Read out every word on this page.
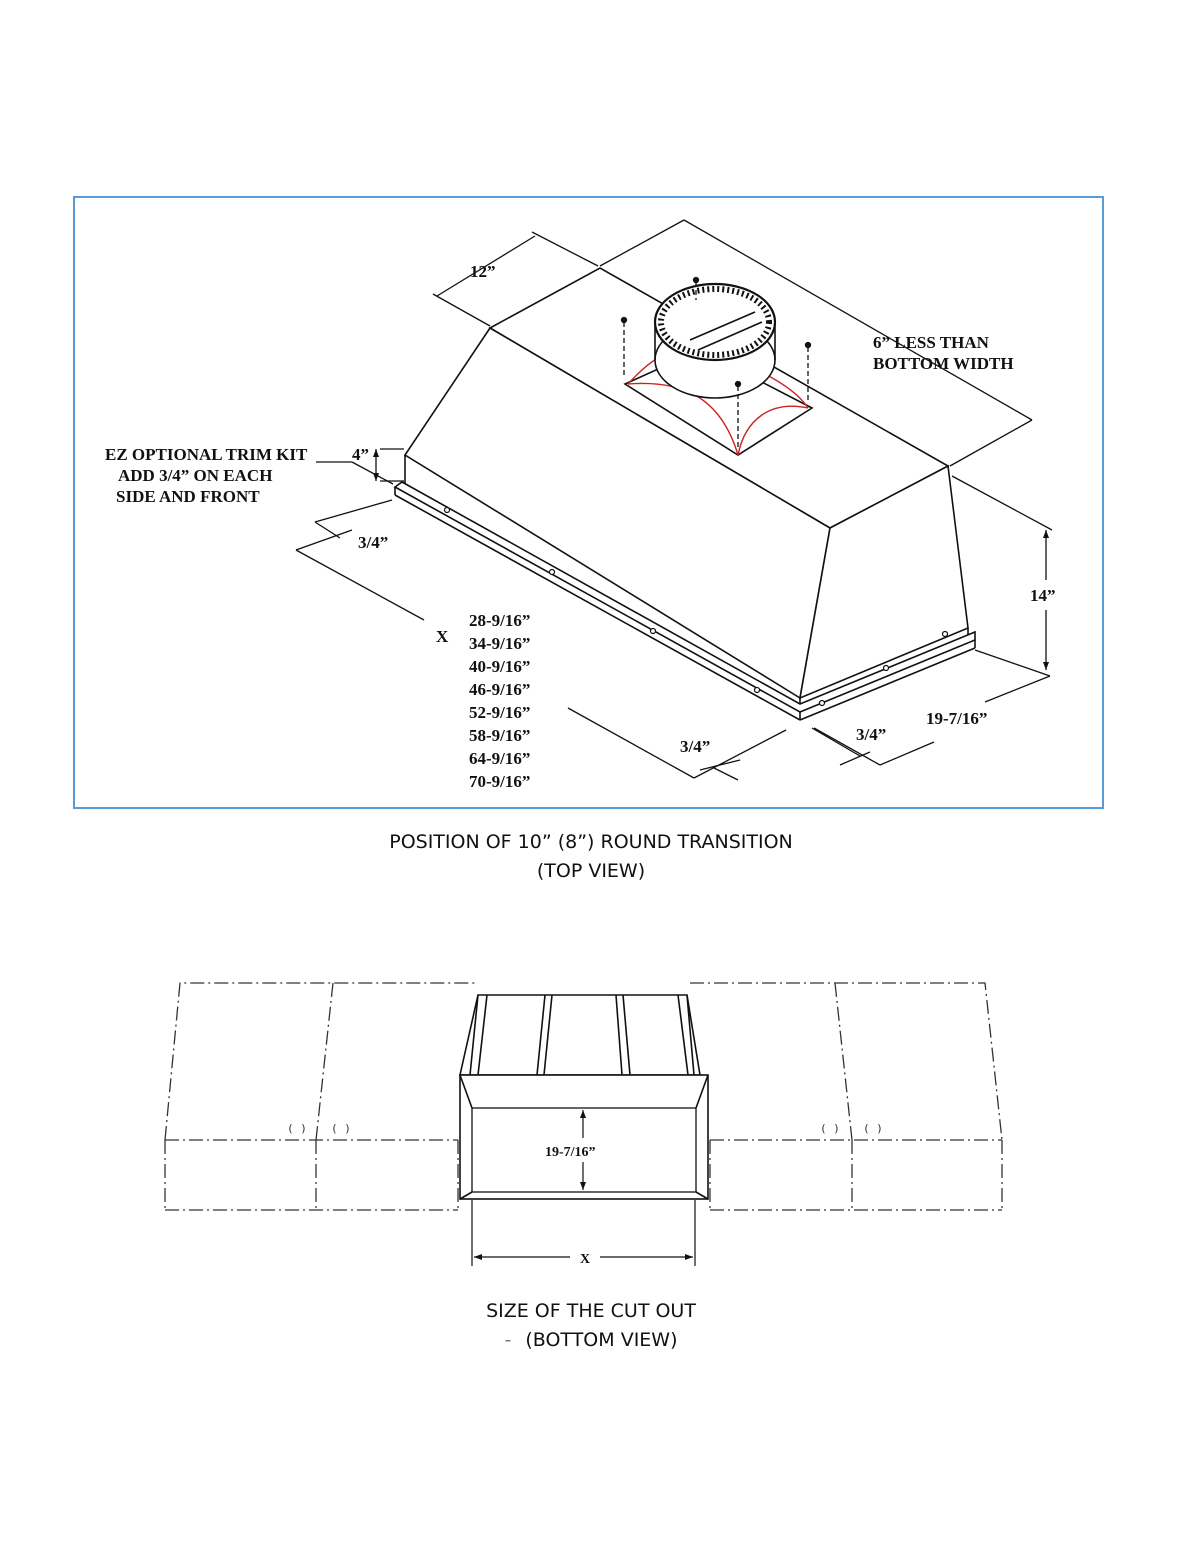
12”
6” LESS THAN
BOTTOM WIDTH
EZ OPTIONAL TRIM KIT
ADD 3/4” ON EACH
SIDE AND FRONT
4”
3/4”
X
28-9/16”
34-9/16”
40-9/16”
46-9/16”
52-9/16”
58-9/16”
64-9/16”
70-9/16”
3/4”
3/4”
19-7/16”
14”
( ) ( )	( ) ( )
19-7/16”
X
POSITION OF 10” (8”) ROUND TRANSITION
(TOP VIEW)
SIZE OF THE CUT OUT
- (BOTTOM VIEW)
